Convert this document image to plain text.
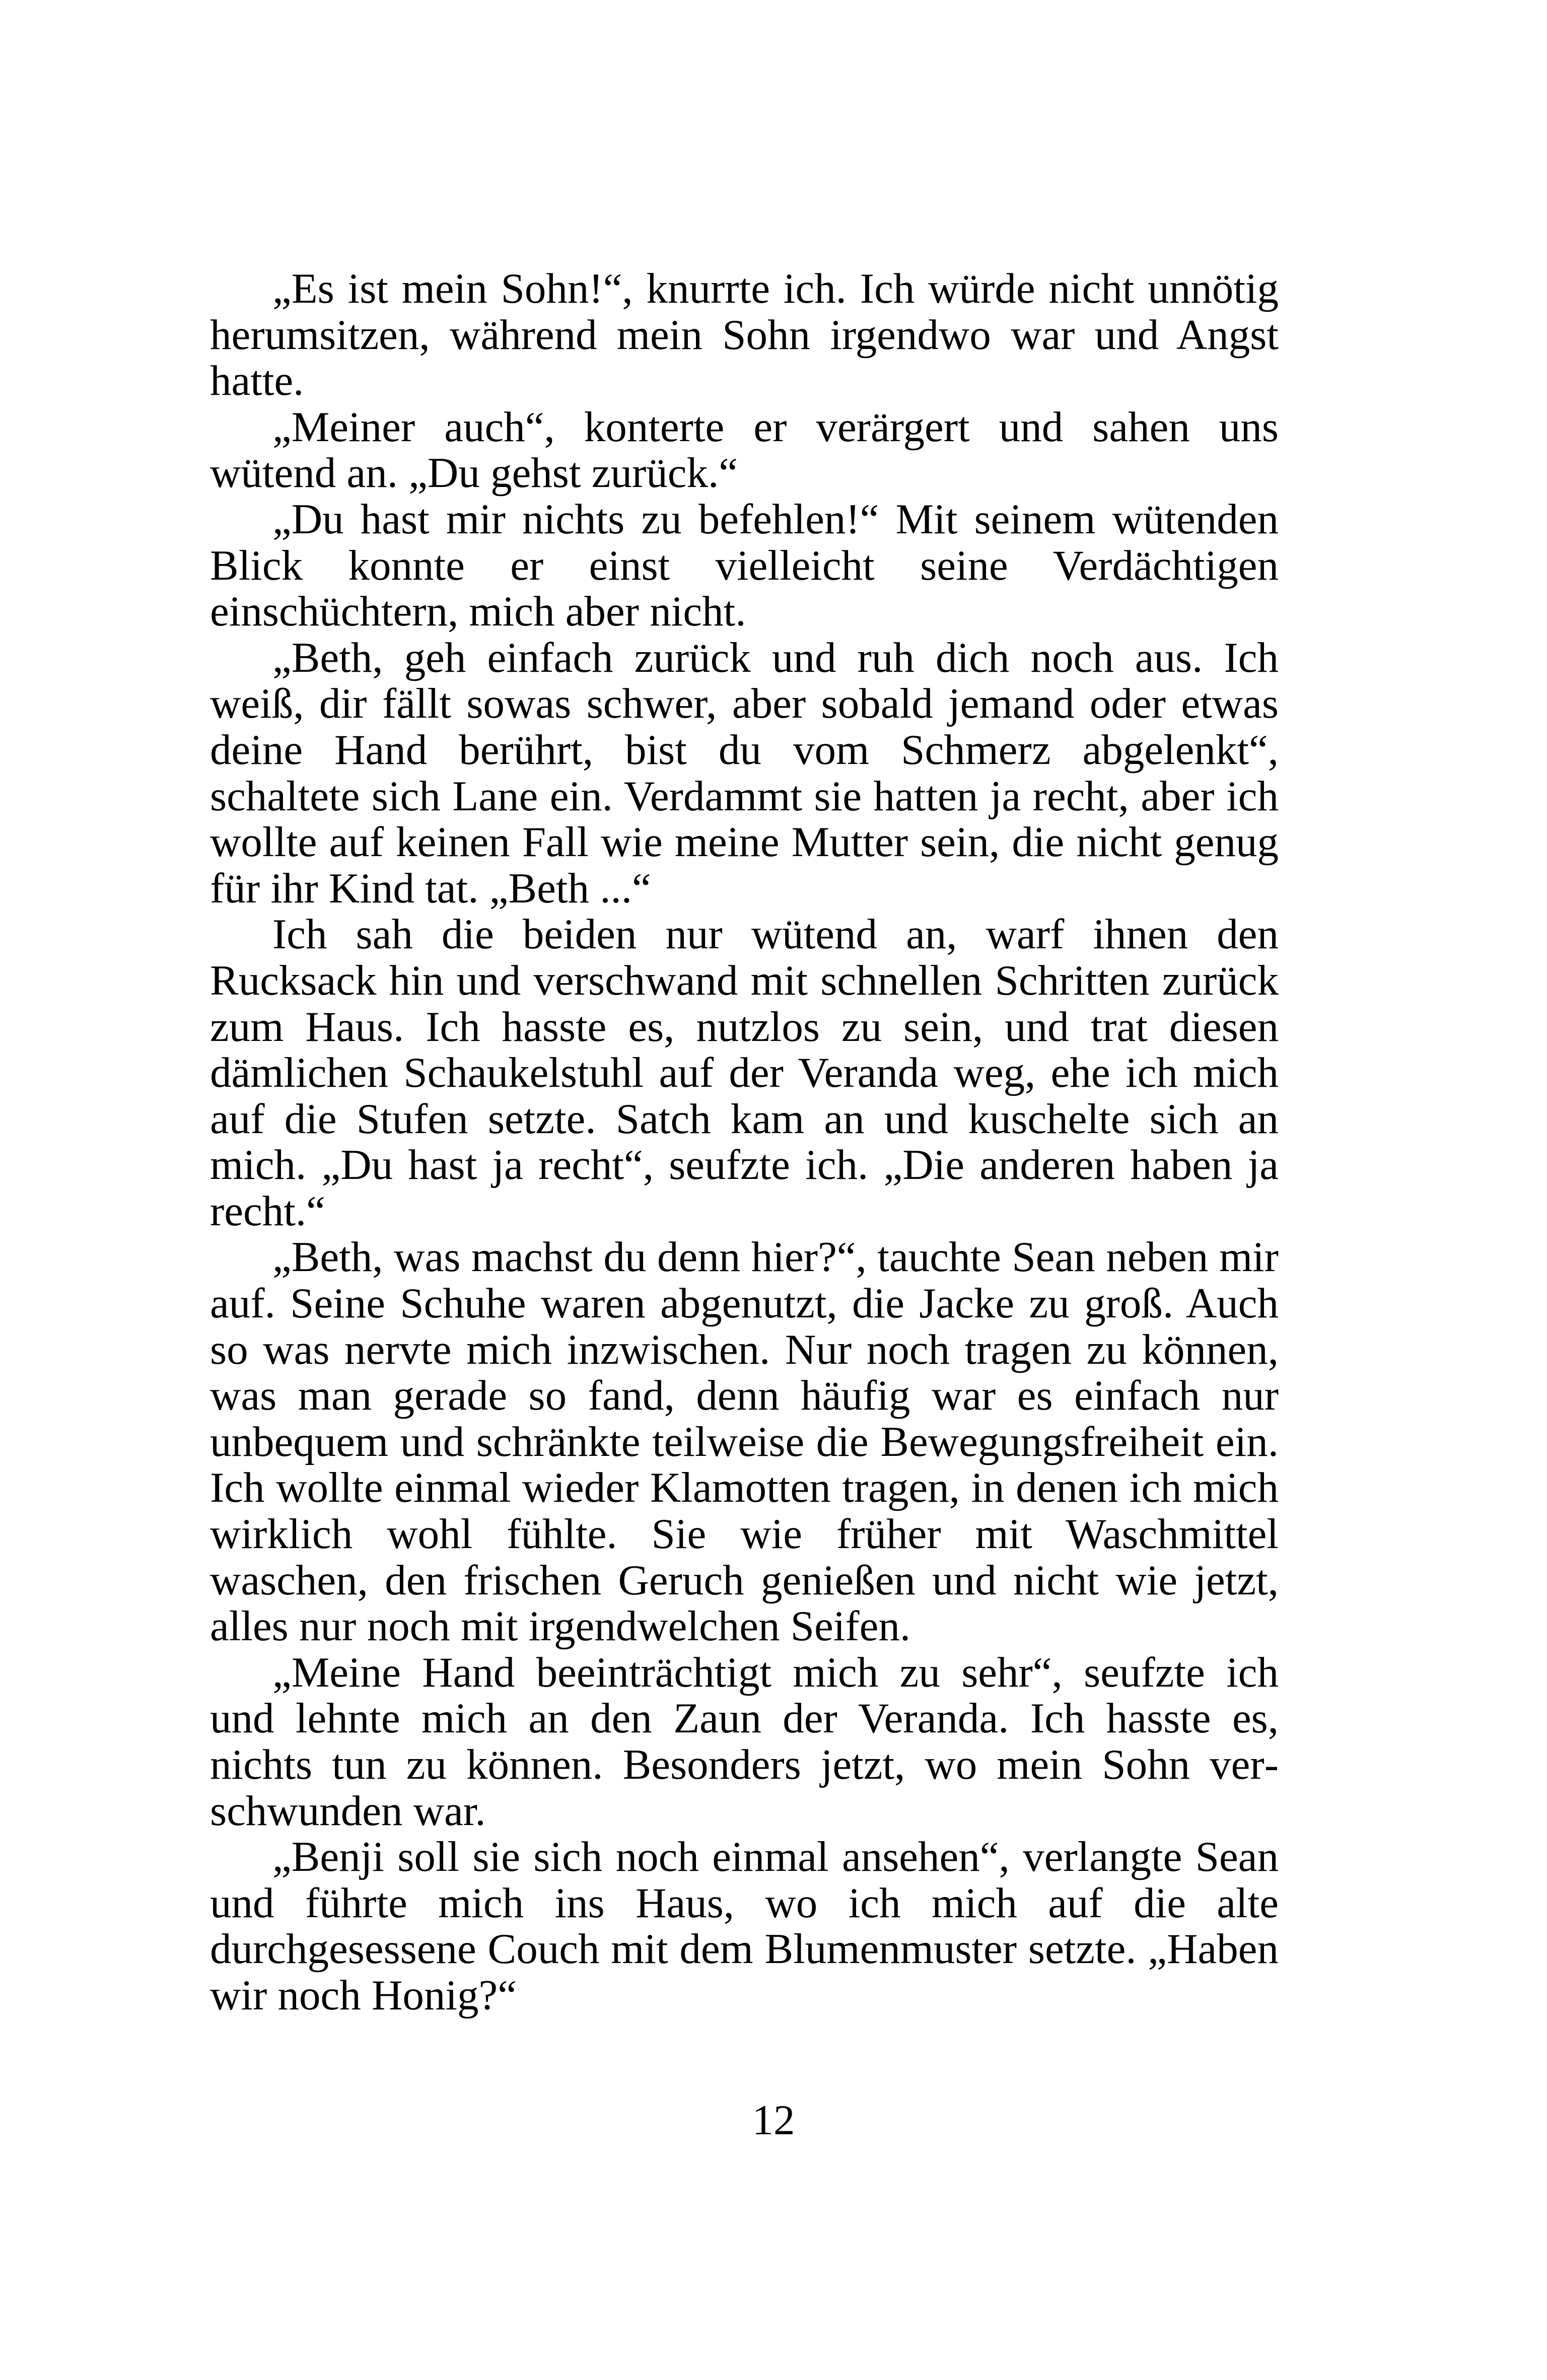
„Es ist mein Sohn!“, knurrte ich. Ich würde nicht unnötig herumsitzen, während mein Sohn irgendwo war und Angst hatte.

„Meiner auch“, konterte er verärgert und sahen uns wütend an. „Du gehst zurück.“

„Du hast mir nichts zu befehlen!“ Mit seinem wütenden Blick konnte er einst vielleicht seine Verdächtigen einschüchtern, mich aber nicht.

„Beth, geh einfach zurück und ruh dich noch aus. Ich weiß, dir fällt sowas schwer, aber sobald jemand oder etwas deine Hand berührt, bist du vom Schmerz abgelenkt“, schaltete sich Lane ein. Verdammt sie hatten ja recht, aber ich wollte auf keinen Fall wie meine Mutter sein, die nicht genug für ihr Kind tat. „Beth ...“

Ich sah die beiden nur wütend an, warf ihnen den Rucksack hin und verschwand mit schnellen Schritten zurück zum Haus. Ich hasste es, nutzlos zu sein, und trat diesen dämlichen Schaukelstuhl auf der Veranda weg, ehe ich mich auf die Stufen setzte. Satch kam an und kuschelte sich an mich. „Du hast ja recht“, seufzte ich. „Die anderen haben ja recht.“

„Beth, was machst du denn hier?“, tauchte Sean neben mir auf. Seine Schuhe waren abgenutzt, die Jacke zu groß. Auch so was nervte mich inzwischen. Nur noch tragen zu können, was man gerade so fand, denn häufig war es einfach nur unbequem und schränkte teilweise die Bewegungsfreiheit ein. Ich wollte einmal wieder Klamotten tragen, in denen ich mich wirklich wohl fühlte. Sie wie früher mit Waschmittel waschen, den frischen Geruch genießen und nicht wie jetzt, alles nur noch mit irgendwelchen Seifen.

„Meine Hand beeinträchtigt mich zu sehr“, seufzte ich und lehnte mich an den Zaun der Veranda. Ich hasste es, nichts tun zu können. Besonders jetzt, wo mein Sohn verschwunden war.

„Benji soll sie sich noch einmal ansehen“, verlangte Sean und führte mich ins Haus, wo ich mich auf die alte durchgesessene Couch mit dem Blumenmuster setzte. „Haben wir noch Honig?“

12
